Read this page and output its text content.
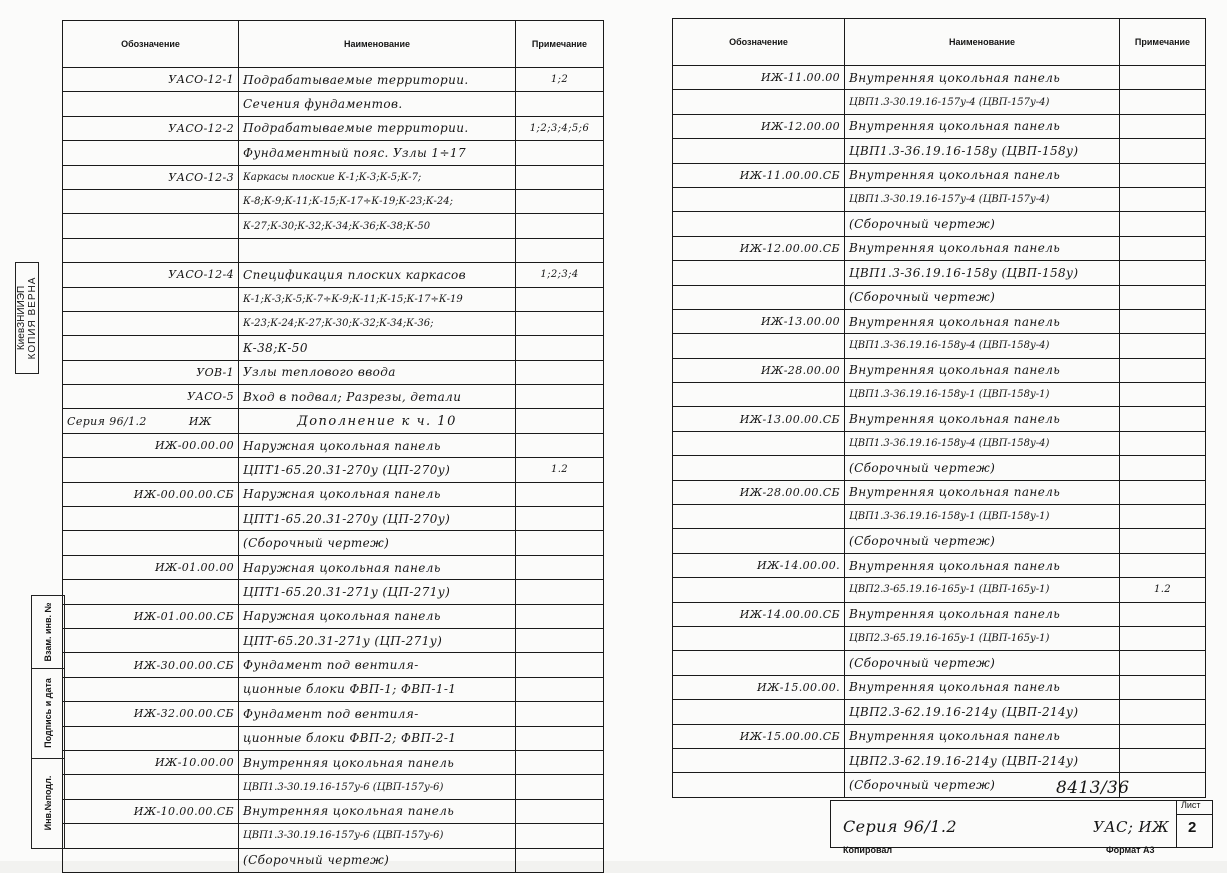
Обозначение	Наименование	Примечание
УАСО-12-1	Подрабатываемые территории.	1;2
	Сечения фундаментов.	
УАСО-12-2	Подрабатываемые территории.	1;2;3;4;5;6
	Фундаментный пояс. Узлы 1÷17	
УАСО-12-3	Каркасы плоские К-1;К-3;К-5;К-7;	
	К-8;К-9;К-11;К-15;К-17÷К-19;К-23;К-24;	
	К-27;К-30;К-32;К-34;К-36;К-38;К-50	

УАСО-12-4	Спецификация плоских каркасов	1;2;3;4
	К-1;К-3;К-5;К-7÷К-9;К-11;К-15;К-17÷К-19	
	К-23;К-24;К-27;К-30;К-32;К-34;К-36;	
	К-38;К-50	
УОВ-1	Узлы теплового ввода	
УАСО-5	Вход в подвал; Разрезы, детали	
Серия 96/1.2 ИЖ	Дополнение к ч. 10	
ИЖ-00.00.00	Наружная цокольная панель	
	ЦПТ1-65.20.31-270у (ЦП-270у)	1.2
ИЖ-00.00.00.СБ	Наружная цокольная панель	
	ЦПТ1-65.20.31-270у (ЦП-270у)	
	(Сборочный чертеж)	
ИЖ-01.00.00	Наружная цокольная панель	
	ЦПТ1-65.20.31-271у (ЦП-271у)	
ИЖ-01.00.00.СБ	Наружная цокольная панель	
	ЦПТ-65.20.31-271у (ЦП-271у)	
ИЖ-30.00.00.СБ	Фундамент под вентиля-	
	ционные блоки ФВП-1; ФВП-1-1	
ИЖ-32.00.00.СБ	Фундамент под вентиля-	
	ционные блоки ФВП-2; ФВП-2-1	
ИЖ-10.00.00	Внутренняя цокольная панель	
	ЦВП1.3-30.19.16-157у-6 (ЦВП-157у-6)	
ИЖ-10.00.00.СБ	Внутренняя цокольная панель	
	ЦВП1.3-30.19.16-157у-6 (ЦВП-157у-6)	
	(Сборочный чертеж)	
Обозначение	Наименование	Примечание
ИЖ-11.00.00	Внутренняя цокольная панель	
	ЦВП1.3-30.19.16-157у-4 (ЦВП-157у-4)	
ИЖ-12.00.00	Внутренняя цокольная панель	
	ЦВП1.3-36.19.16-158у (ЦВП-158у)	
ИЖ-11.00.00.СБ	Внутренняя цокольная панель	
	ЦВП1.3-30.19.16-157у-4 (ЦВП-157у-4)	
	(Сборочный чертеж)	
ИЖ-12.00.00.СБ	Внутренняя цокольная панель	
	ЦВП1.3-36.19.16-158у (ЦВП-158у)	
	(Сборочный чертеж)	
ИЖ-13.00.00	Внутренняя цокольная панель	
	ЦВП1.3-36.19.16-158у-4 (ЦВП-158у-4)	
ИЖ-28.00.00	Внутренняя цокольная панель	
	ЦВП1.3-36.19.16-158у-1 (ЦВП-158у-1)	
ИЖ-13.00.00.СБ	Внутренняя цокольная панель	
	ЦВП1.3-36.19.16-158у-4 (ЦВП-158у-4)	
	(Сборочный чертеж)	
ИЖ-28.00.00.СБ	Внутренняя цокольная панель	
	ЦВП1.3-36.19.16-158у-1 (ЦВП-158у-1)	
	(Сборочный чертеж)	
ИЖ-14.00.00.	Внутренняя цокольная панель	
	ЦВП2.3-65.19.16-165у-1 (ЦВП-165у-1)	1.2
ИЖ-14.00.00.СБ	Внутренняя цокольная панель	
	ЦВП2.3-65.19.16-165у-1 (ЦВП-165у-1)	
	(Сборочный чертеж)	
ИЖ-15.00.00.	Внутренняя цокольная панель	
	ЦВП2.3-62.19.16-214у (ЦВП-214у)	
ИЖ-15.00.00.СБ	Внутренняя цокольная панель	
	ЦВП2.3-62.19.16-214у (ЦВП-214у)	
	(Сборочный чертеж)	
КиевЗНИИЭП КОПИЯ ВЕРНА
Взам. инв. №
Подпись и дата
Инв.№подл.	8413/36
Серия 96/1.2	УАС; ИЖ
Лист
2
Копировал	Формат А3
